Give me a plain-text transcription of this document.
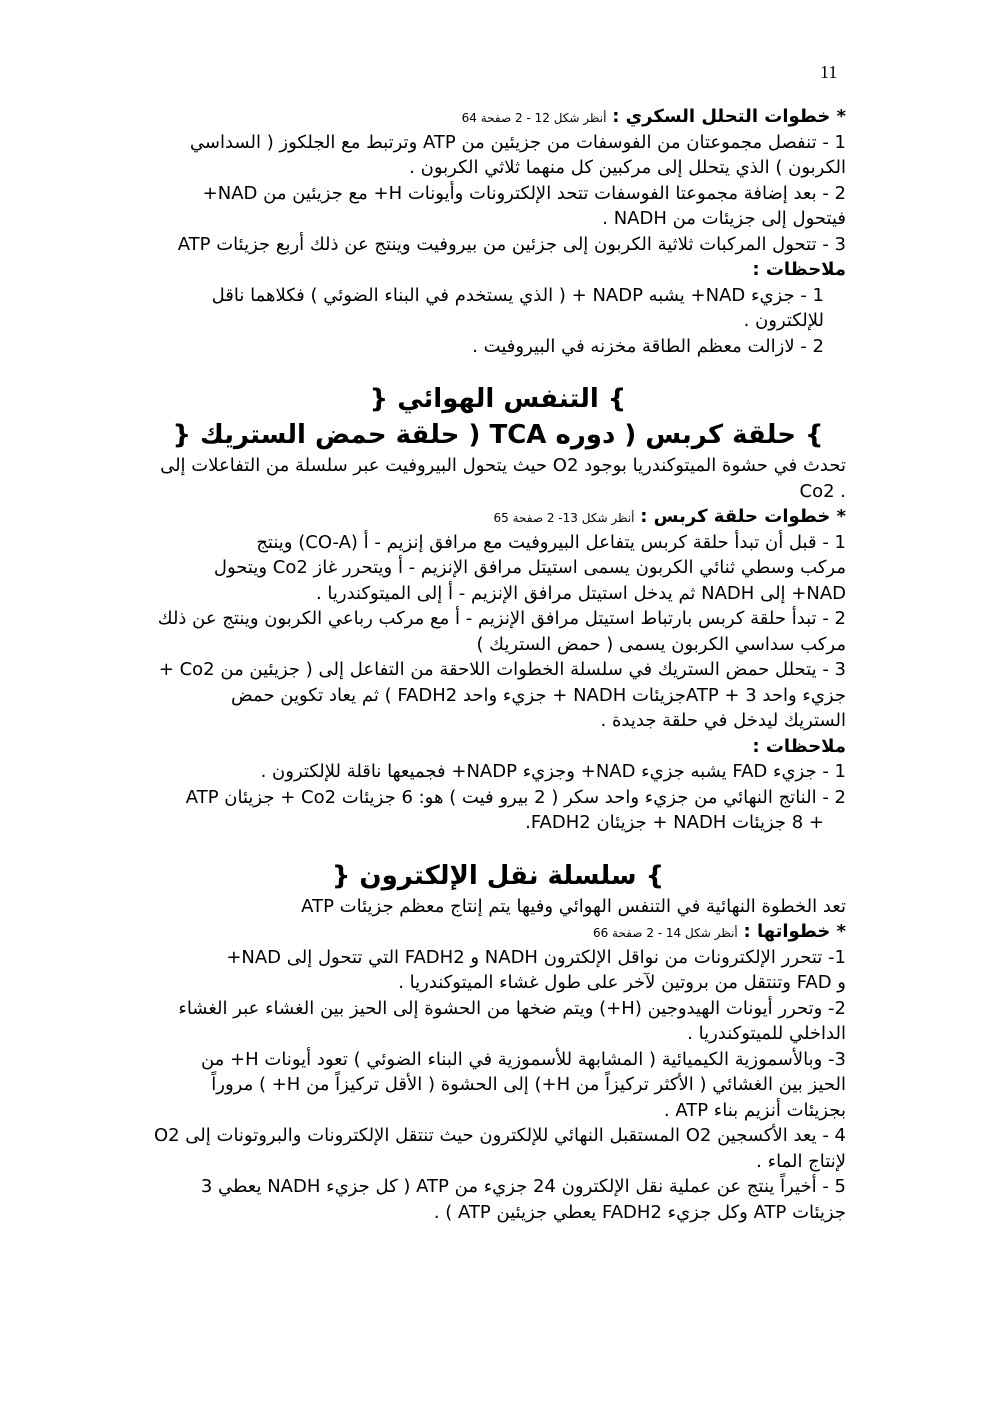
11
* خطوات التحلل السكري : أنظر شكل 12 - 2 صفحة 64
1 - تنفصل مجموعتان من الفوسفات من جزيئين من ATP وترتبط مع الجلكوز ( السداسي
الكربون ) الذي يتحلل إلى مركبين كل منهما ثلاثي الكربون .
2 - بعد إضافة مجموعتا الفوسفات تتحد الإلكترونات وأيونات H+ مع جزيئين من NAD+
فيتحول إلى جزيئات من NADH .
3 - تتحول المركبات ثلاثية الكربون إلى جزئين من بيروفيت وينتج عن ذلك أربع جزيئات ATP
ملاحظات :
1 - جزيء NAD+ يشبه NADP + ( الذي يستخدم في البناء الضوئي ) فكلاهما ناقل
للإلكترون .
2 - لازالت معظم الطاقة مخزنه في البيروفيت .
} التنفس الهوائي {
} حلقة كربس ( دوره TCA ( حلقة حمض الستريك {
تحدث في حشوة الميتوكندريا بوجود O2 حيث يتحول البيروفيت عبر سلسلة من التفاعلات إلى
. Co2
* خطوات حلقة كربس : أنظر شكل 13- 2 صفحة 65
1 - قبل أن تبدأ حلقة كربس يتفاعل البيروفيت مع مرافق إنزيم - أ (CO-A) وينتج
مركب وسطي ثنائي الكربون يسمى استيتل مرافق الإنزيم - أ ويتحرر غاز Co2 ويتحول
NAD+ إلى NADH ثم يدخل استيتل مرافق الإنزيم - أ إلى الميتوكندريا .
2 - تبدأ حلقة كربس بارتباط استيتل مرافق الإنزيم - أ مع مركب رباعي الكربون وينتج عن ذلك
مركب سداسي الكربون يسمى ( حمض الستريك )
3 - يتحلل حمض الستريك في سلسلة الخطوات اللاحقة من التفاعل إلى ( جزيئين من Co2 +
جزيء واحد 3 + ATPجزيئات NADH + جزيء واحد FADH2 ) ثم يعاد تكوين حمض
الستريك ليدخل في حلقة جديدة .
ملاحظات :
1 - جزيء FAD يشبه جزيء NAD+ وجزيء NADP+ فجميعها ناقلة للإلكترون .
2 - الناتج النهائي من جزيء واحد سكر ( 2 بيرو فيت ) هو: 6 جزيئات Co2 + جزيئان ATP
+ 8 جزيئات NADH + جزيئان FADH2.
} سلسلة نقل الإلكترون {
تعد الخطوة النهائية في التنفس الهوائي وفيها يتم إنتاج معظم جزيئات ATP
* خطواتها : أنظر شكل 14 - 2 صفحة 66
1- تتحرر الإلكترونات من نواقل الإلكترون NADH و FADH2 التي تتحول إلى NAD+
و FAD وتنتقل من بروتين لآخر على طول غشاء الميتوكندريا .
2- وتحرر أيونات الهيدوجين (H+) ويتم ضخها من الحشوة إلى الحيز بين الغشاء عبر الغشاء
الداخلي للميتوكندريا .
3- وبالأسموزية الكيميائية ( المشابهة للأسموزية في البناء الضوئي ) تعود أيونات H+ من
الحيز بين الغشائي ( الأكثر تركيزاً من H+) إلى الحشوة ( الأقل تركيزاً من H+ ) مروراً
بجزيئات أنزيم بناء ATP .
4 - يعد الأكسجين O2 المستقبل النهائي للإلكترون حيث تنتقل الإلكترونات والبروتونات إلى O2
لإنتاج الماء .
5 - أخيراً ينتج عن عملية نقل الإلكترون 24 جزيء من ATP ( كل جزيء NADH يعطي 3
جزيئات ATP وكل جزيء FADH2 يعطي جزيئين ATP ) .
